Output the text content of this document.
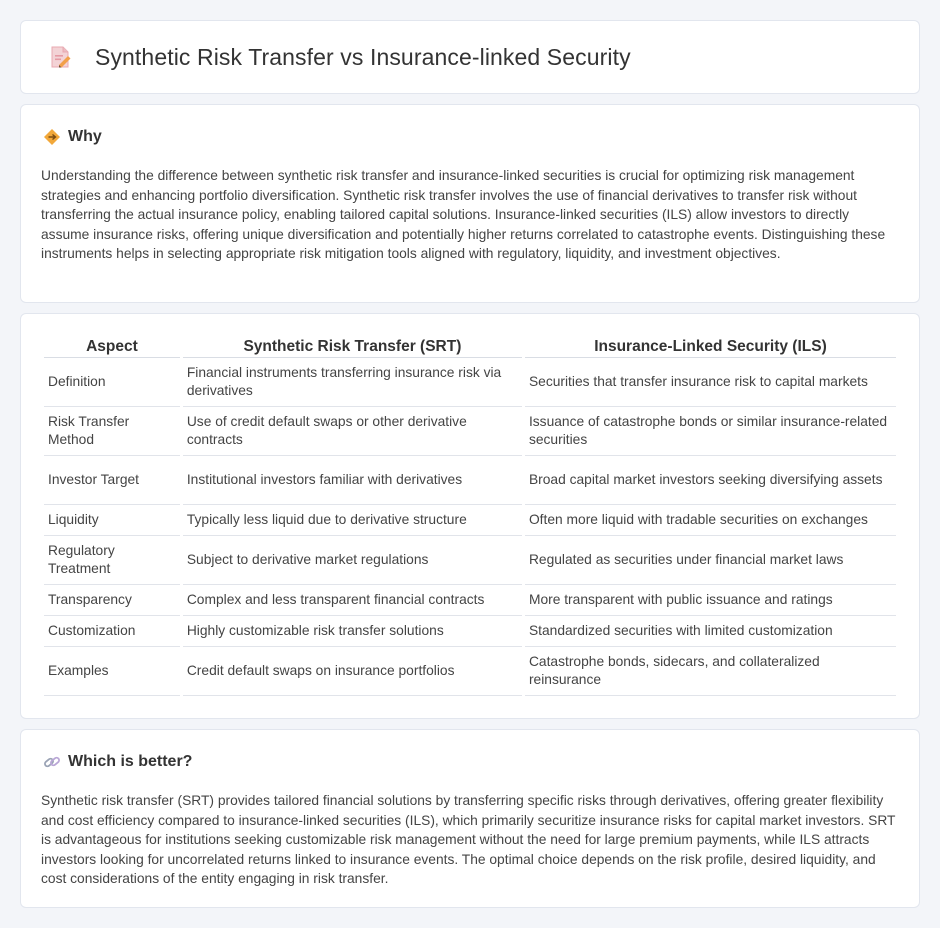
Synthetic Risk Transfer vs Insurance-linked Security
Why

Understanding the difference between synthetic risk transfer and insurance-linked securities is crucial for optimizing risk management strategies and enhancing portfolio diversification. Synthetic risk transfer involves the use of financial derivatives to transfer risk without transferring the actual insurance policy, enabling tailored capital solutions. Insurance-linked securities (ILS) allow investors to directly assume insurance risks, offering unique diversification and potentially higher returns correlated to catastrophe events. Distinguishing these instruments helps in selecting appropriate risk mitigation tools aligned with regulatory, liquidity, and investment objectives.

Aspect	Synthetic Risk Transfer (SRT)	Insurance-Linked Security (ILS)
Definition	Financial instruments transferring insurance risk via derivatives	Securities that transfer insurance risk to capital markets
Risk Transfer Method	Use of credit default swaps or other derivative contracts	Issuance of catastrophe bonds or similar insurance-related securities
Investor Target	Institutional investors familiar with derivatives	Broad capital market investors seeking diversifying assets
Liquidity	Typically less liquid due to derivative structure	Often more liquid with tradable securities on exchanges
Regulatory Treatment	Subject to derivative market regulations	Regulated as securities under financial market laws
Transparency	Complex and less transparent financial contracts	More transparent with public issuance and ratings
Customization	Highly customizable risk transfer solutions	Standardized securities with limited customization
Examples	Credit default swaps on insurance portfolios	Catastrophe bonds, sidecars, and collateralized reinsurance
Which is better?

Synthetic risk transfer (SRT) provides tailored financial solutions by transferring specific risks through derivatives, offering greater flexibility and cost efficiency compared to insurance-linked securities (ILS), which primarily securitize insurance risks for capital market investors. SRT is advantageous for institutions seeking customizable risk management without the need for large premium payments, while ILS attracts investors looking for uncorrelated returns linked to insurance events. The optimal choice depends on the risk profile, desired liquidity, and cost considerations of the entity engaging in risk transfer.
